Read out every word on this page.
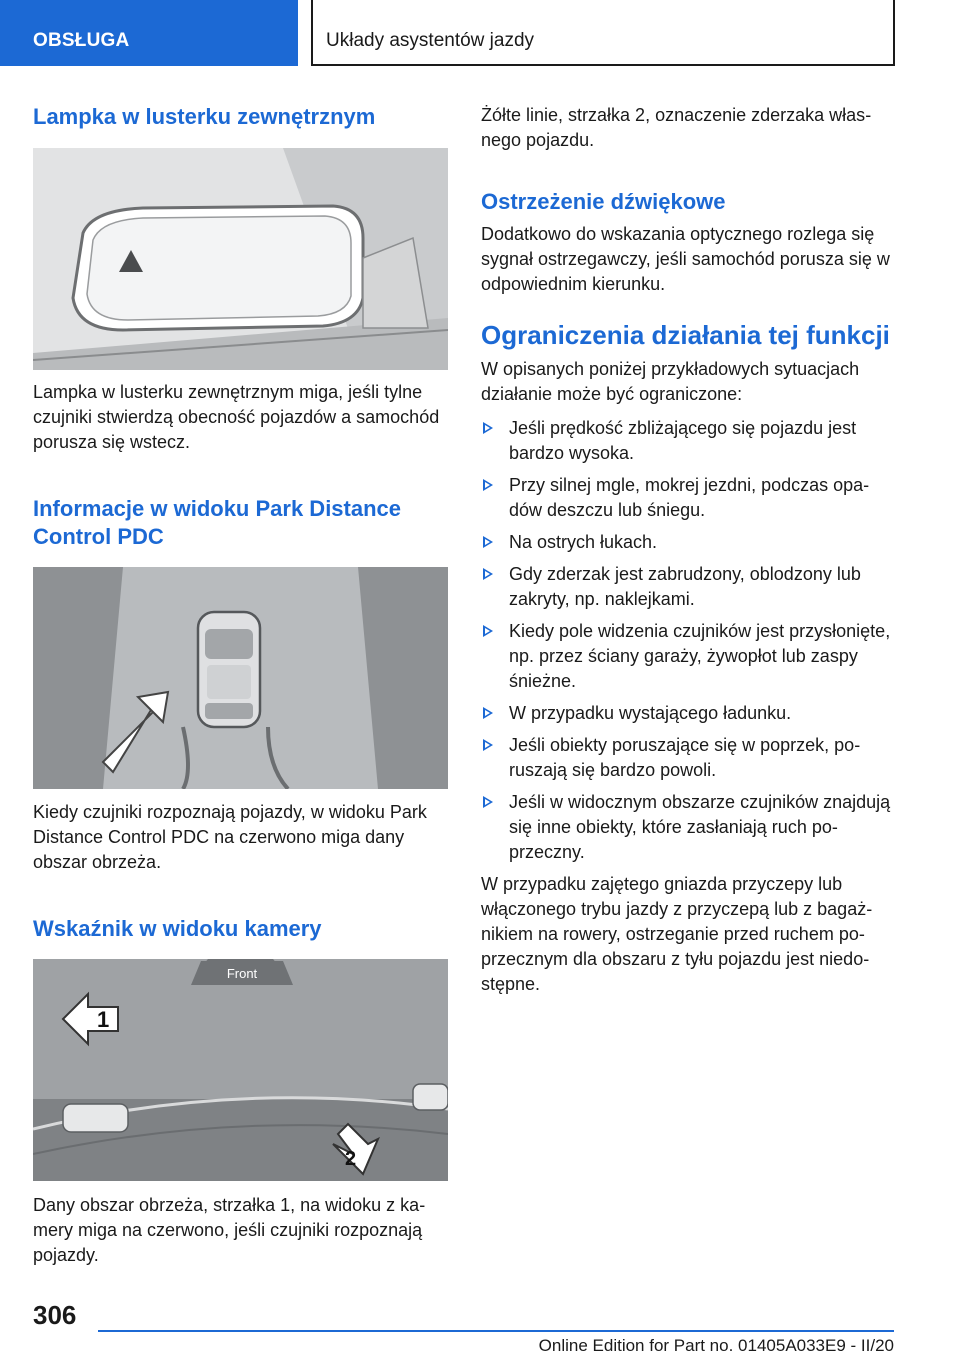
OBSŁUGA	Układy asystentów jazdy
Lampka w lusterku zewnętrznym

Lampka w lusterku zewnętrznym miga, jeśli tylne czujniki stwierdzą obecność pojazdów a samochód porusza się wstecz.

Informacje w widoku Park Distance Control PDC

Kiedy czujniki rozpoznają pojazdy, w widoku Park Distance Control PDC na czerwono miga dany obszar obrzeża.

Wskaźnik w widoku kamery
Front
1
2

Dany obszar obrzeża, strzałka 1, na widoku z kamery miga na czerwono, jeśli czujniki rozpoznają pojazdy.

Żółte linie, strzałka 2, oznaczenie zderzaka własnego pojazdu.

Ostrzeżenie dźwiękowe

Dodatkowo do wskazania optycznego rozlega się sygnał ostrzegawczy, jeśli samochód porusza się w odpowiednim kierunku.

Ograniczenia działania tej funkcji

W opisanych poniżej przykładowych sytuacjach działanie może być ograniczone:

Jeśli prędkość zbliżającego się pojazdu jest bardzo wysoka.
Przy silnej mgle, mokrej jezdni, podczas opadów deszczu lub śniegu.
Na ostrych łukach.
Gdy zderzak jest zabrudzony, oblodzony lub zakryty, np. naklejkami.
Kiedy pole widzenia czujników jest przysłonięte, np. przez ściany garaży, żywopłot lub zaspy śnieżne.
W przypadku wystającego ładunku.
Jeśli obiekty poruszające się w poprzek, poruszają się bardzo powoli.
Jeśli w widocznym obszarze czujników znajdują się inne obiekty, które zasłaniają ruch poprzeczny.

W przypadku zajętego gniazda przyczepy lub włączonego trybu jazdy z przyczepą lub z bagażnikiem na rowery, ostrzeganie przed ruchem poprzecznym dla obszaru z tyłu pojazdu jest niedostępne.

306
Online Edition for Part no. 01405A033E9 - II/20
